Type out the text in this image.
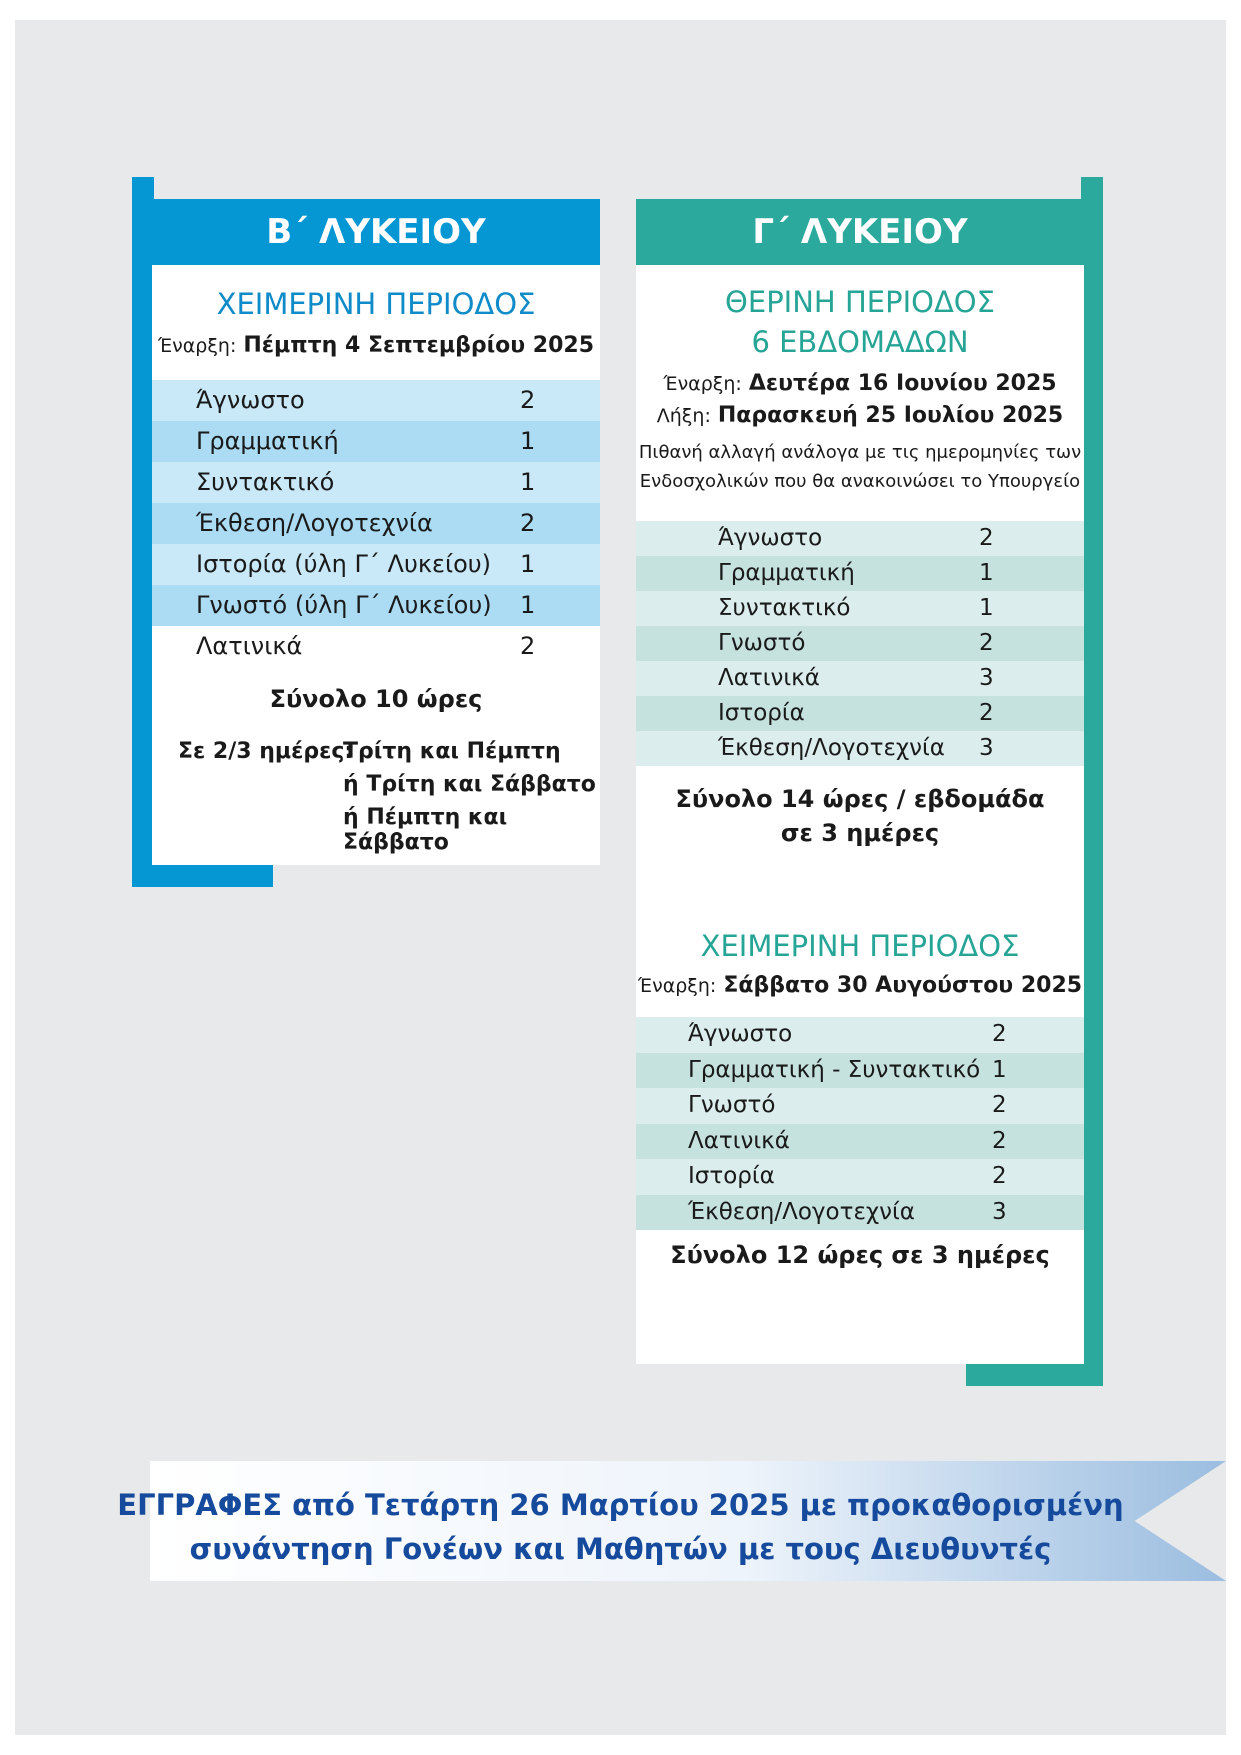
Β΄ ΛΥΚΕΙΟΥ
ΧΕΙΜΕΡΙΝΗ ΠΕΡΙΟΔΟΣ
Έναρξη: Πέμπτη 4 Σεπτεμβρίου 2025
Άγνωστο	2
Γραμματική	1
Συντακτικό	1
Έκθεση/Λογοτεχνία	2
Ιστορία (ύλη Γ΄ Λυκείου) 1
Γνωστό (ύλη Γ΄ Λυκείου) 1
Λατινικά	2
Σύνολο 10 ώρες
Σε 2/3 ημέρες:
Τρίτη και Πέμπτη
ή Τρίτη και Σάββατο
ή Πέμπτη και Σάββατο
Γ΄ ΛΥΚΕΙΟΥ
ΘΕΡΙΝΗ ΠΕΡΙΟΔΟΣ
6 ΕΒΔΟΜΑΔΩΝ
Έναρξη: Δευτέρα 16 Ιουνίου 2025
Λήξη: Παρασκευή 25 Ιουλίου 2025
Πιθανή αλλαγή ανάλογα με τις ημερομηνίες των
Ενδοσχολικών που θα ανακοινώσει το Υπουργείο
Άγνωστο	2
Γραμματική	1
Συντακτικό	1
Γνωστό	2
Λατινικά	3
Ιστορία	2
Έκθεση/Λογοτεχνία 3
Σύνολο 14 ώρες / εβδομάδα
σε 3 ημέρες
ΧΕΙΜΕΡΙΝΗ ΠΕΡΙΟΔΟΣ
Έναρξη: Σάββατο 30 Αυγούστου 2025
Άγνωστο	2
Γραμματική - Συντακτικό 1
Γνωστό	2
Λατινικά	2
Ιστορία	2
Έκθεση/Λογοτεχνία	3
Σύνολο 12 ώρες σε 3 ημέρες
ΕΓΓΡΑΦΕΣ από Τετάρτη 26 Μαρτίου 2025 με προκαθορισμένη
συνάντηση Γονέων και Μαθητών με τους Διευθυντές
